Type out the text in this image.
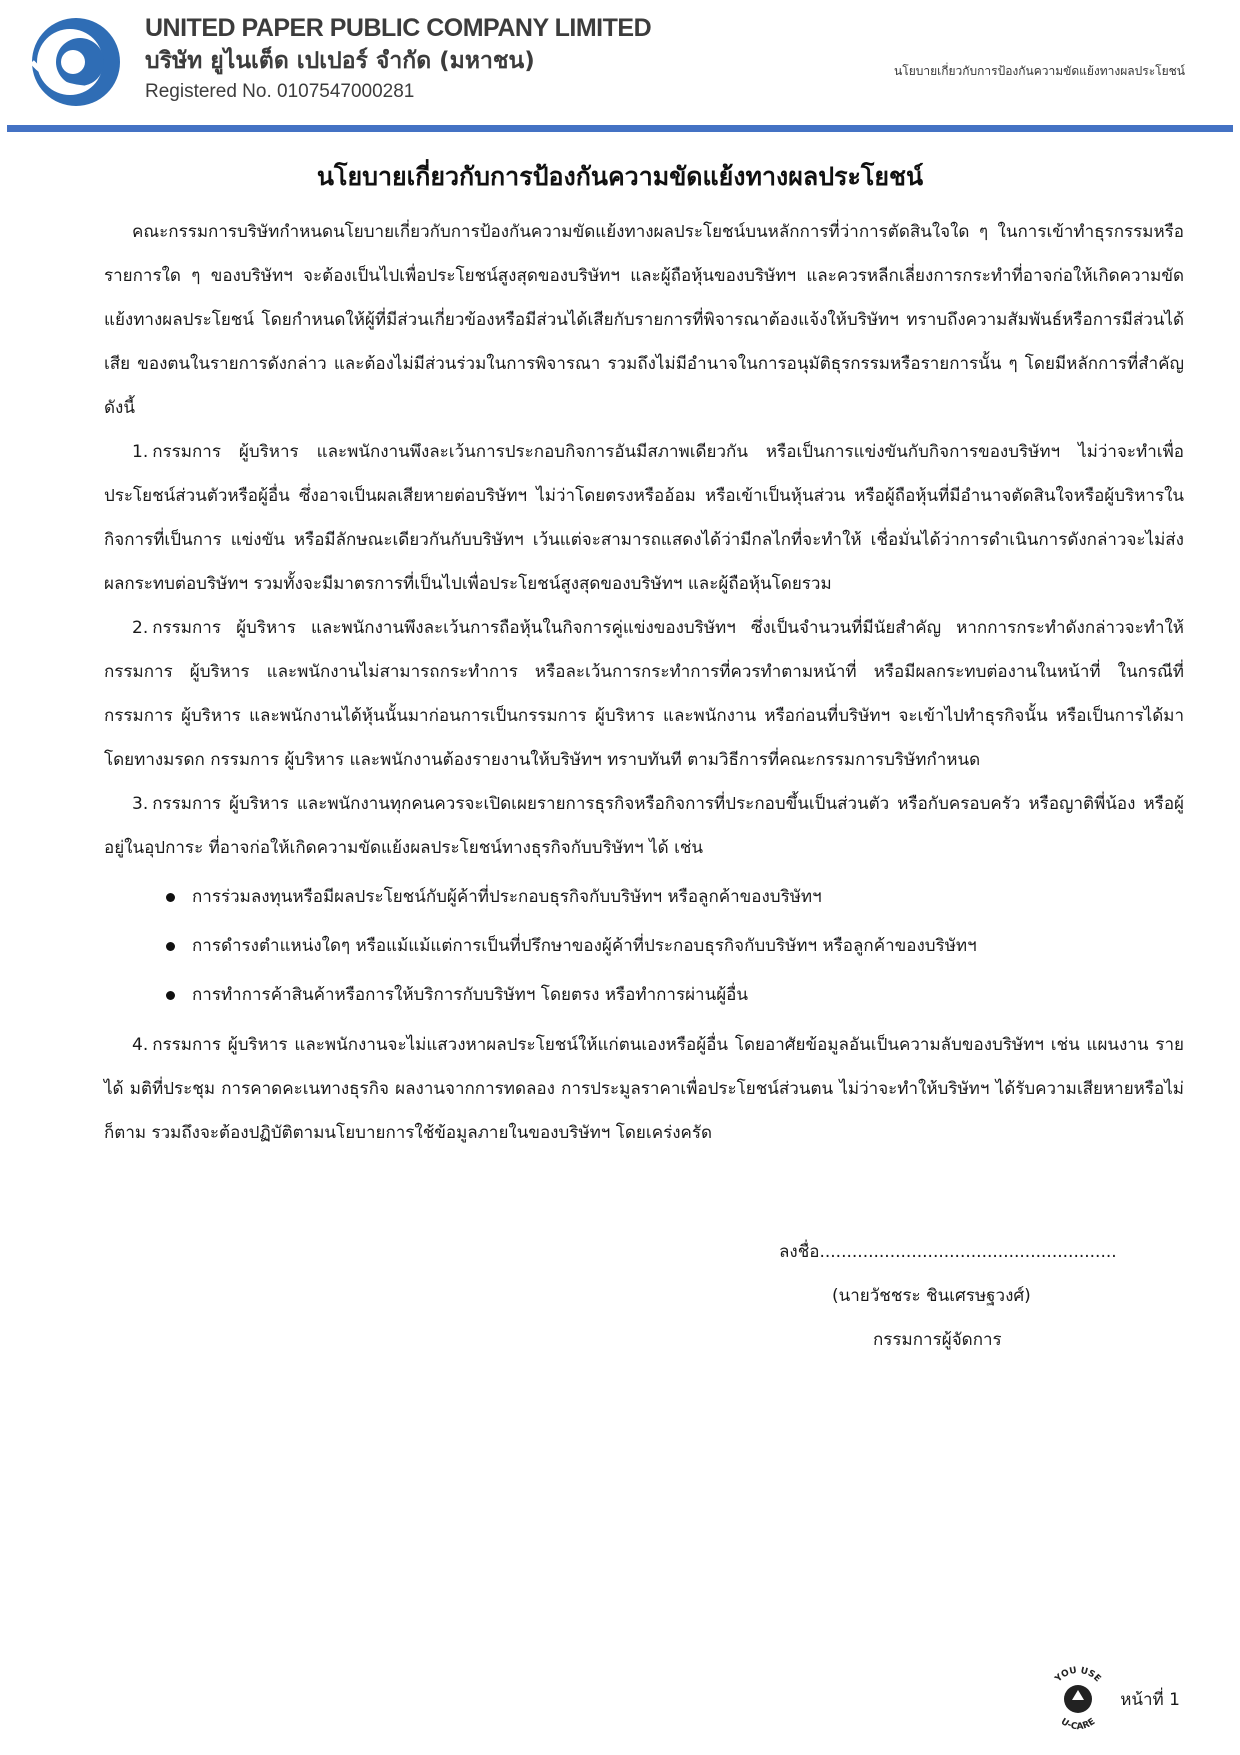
UNITED PAPER PUBLIC COMPANY LIMITED
บริษัท ยูไนเต็ด เปเปอร์ จำกัด (มหาชน)
Registered No. 0107547000281
นโยบายเกี่ยวกับการป้องกันความขัดแย้งทางผลประโยชน์
นโยบายเกี่ยวกับการป้องกันความขัดแย้งทางผลประโยชน์

คณะกรรมการบริษัทกำหนดนโยบายเกี่ยวกับการป้องกันความขัดแย้งทางผลประโยชน์บนหลักการที่ว่าการตัดสินใจใด ๆ ในการเข้าทำธุรกรรมหรือรายการใด ๆ ของบริษัทฯ จะต้องเป็นไปเพื่อประโยชน์สูงสุดของบริษัทฯ และผู้ถือหุ้นของบริษัทฯ และควรหลีกเลี่ยงการกระทำที่อาจก่อให้เกิดความขัดแย้งทางผลประโยชน์ โดยกำหนดให้ผู้ที่มีส่วนเกี่ยวข้องหรือมีส่วนได้เสียกับรายการที่พิจารณาต้องแจ้งให้บริษัทฯ ทราบถึงความสัมพันธ์หรือการมีส่วนได้เสีย ของตนในรายการดังกล่าว และต้องไม่มีส่วนร่วมในการพิจารณา รวมถึงไม่มีอำนาจในการอนุมัติธุรกรรมหรือรายการนั้น ๆ โดยมีหลักการที่สำคัญดังนี้

1. กรรมการ ผู้บริหาร และพนักงานพึงละเว้นการประกอบกิจการอันมีสภาพเดียวกัน หรือเป็นการแข่งขันกับกิจการของบริษัทฯ ไม่ว่าจะทำเพื่อประโยชน์ส่วนตัวหรือผู้อื่น ซึ่งอาจเป็นผลเสียหายต่อบริษัทฯ ไม่ว่าโดยตรงหรืออ้อม หรือเข้าเป็นหุ้นส่วน หรือผู้ถือหุ้นที่มีอำนาจตัดสินใจหรือผู้บริหารในกิจการที่เป็นการ แข่งขัน หรือมีลักษณะเดียวกันกับบริษัทฯ เว้นแต่จะสามารถแสดงได้ว่ามีกลไกที่จะทำให้ เชื่อมั่นได้ว่าการดำเนินการดังกล่าวจะไม่ส่งผลกระทบต่อบริษัทฯ รวมทั้งจะมีมาตรการที่เป็นไปเพื่อประโยชน์สูงสุดของบริษัทฯ และผู้ถือหุ้นโดยรวม

2. กรรมการ ผู้บริหาร และพนักงานพึงละเว้นการถือหุ้นในกิจการคู่แข่งของบริษัทฯ ซึ่งเป็นจำนวนที่มีนัยสำคัญ หากการกระทำดังกล่าวจะทำให้กรรมการ ผู้บริหาร และพนักงานไม่สามารถกระทำการ หรือละเว้นการกระทำการที่ควรทำตามหน้าที่ หรือมีผลกระทบต่องานในหน้าที่ ในกรณีที่กรรมการ ผู้บริหาร และพนักงานได้หุ้นนั้นมาก่อนการเป็นกรรมการ ผู้บริหาร และพนักงาน หรือก่อนที่บริษัทฯ จะเข้าไปทำธุรกิจนั้น หรือเป็นการได้มาโดยทางมรดก กรรมการ ผู้บริหาร และพนักงานต้องรายงานให้บริษัทฯ ทราบทันที ตามวิธีการที่คณะกรรมการบริษัทกำหนด

3. กรรมการ ผู้บริหาร และพนักงานทุกคนควรจะเปิดเผยรายการธุรกิจหรือกิจการที่ประกอบขึ้นเป็นส่วนตัว หรือกับครอบครัว หรือญาติพี่น้อง หรือผู้อยู่ในอุปการะ ที่อาจก่อให้เกิดความขัดแย้งผลประโยชน์ทางธุรกิจกับบริษัทฯ ได้ เช่น

การร่วมลงทุนหรือมีผลประโยชน์กับผู้ค้าที่ประกอบธุรกิจกับบริษัทฯ หรือลูกค้าของบริษัทฯ
การดำรงตำแหน่งใดๆ หรือแม้แม้แต่การเป็นที่ปรึกษาของผู้ค้าที่ประกอบธุรกิจกับบริษัทฯ หรือลูกค้าของบริษัทฯ
การทำการค้าสินค้าหรือการให้บริการกับบริษัทฯ โดยตรง หรือทำการผ่านผู้อื่น

4. กรรมการ ผู้บริหาร และพนักงานจะไม่แสวงหาผลประโยชน์ให้แก่ตนเองหรือผู้อื่น โดยอาศัยข้อมูลอันเป็นความลับของบริษัทฯ เช่น แผนงาน รายได้ มติที่ประชุม การคาดคะเนทางธุรกิจ ผลงานจากการทดลอง การประมูลราคาเพื่อประโยชน์ส่วนตน ไม่ว่าจะทำให้บริษัทฯ ได้รับความเสียหายหรือไม่ก็ตาม รวมถึงจะต้องปฏิบัติตามนโยบายการใช้ข้อมูลภายในของบริษัทฯ โดยเคร่งครัด

ลงชื่อ.......................................................
(นายวัชชระ ชินเศรษฐวงศ์)
กรรมการผู้จัดการ
YOU USE
U-CARE
หน้าที่ 1
